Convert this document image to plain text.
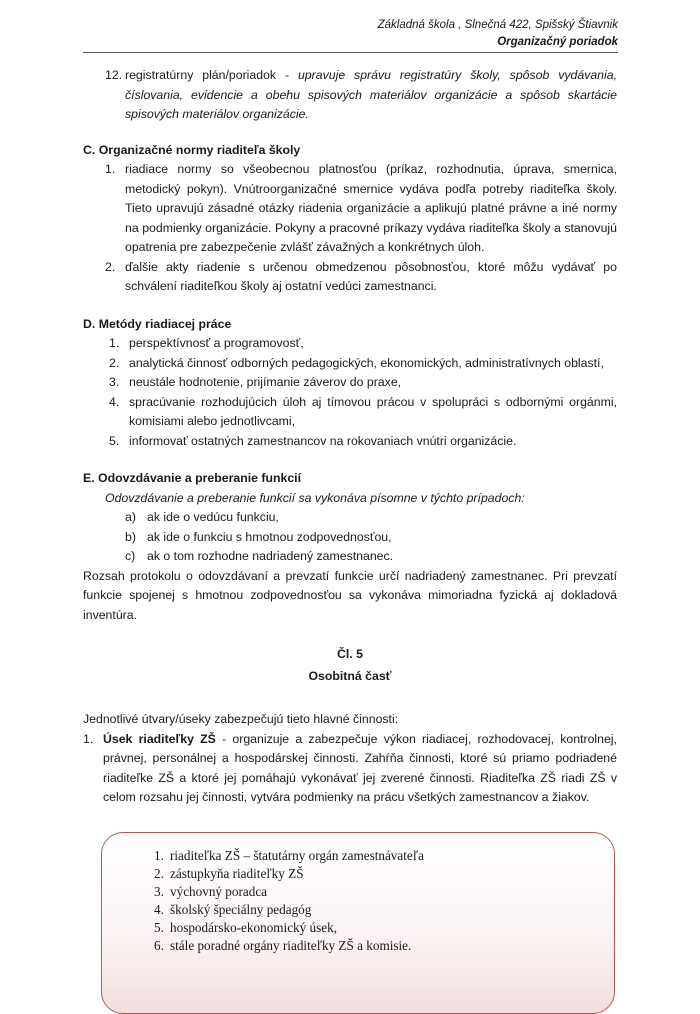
Základná škola , Slnečná 422, Spišský Štiavnik
Organizačný poriadok

12. registratúrny plán/poriadok - upravuje správu registratúry školy, spôsob vydávania, číslovania, evidencie a obehu spisových materiálov organizácie a spôsob skartácie spisových materiálov organizácie.

C. Organizačné normy riaditeľa školy

1. riadiace normy so všeobecnou platnosťou (príkaz, rozhodnutia, úprava, smernica, metodický pokyn). Vnútroorganizačné smernice vydáva podľa potreby riaditeľka školy. Tieto upravujú zásadné otázky riadenia organizácie a aplikujú platné právne a iné normy na podmienky organizácie. Pokyny a pracovné príkazy vydáva riaditeľka školy a stanovujú opatrenia pre zabezpečenie zvlášť závažných a konkrétnych úloh.

2. ďalšie akty riadenie s určenou obmedzenou pôsobnosťou, ktoré môžu vydávať po schválení riaditeľkou školy aj ostatní vedúci zamestnanci.

D. Metódy riadiacej práce

1. perspektívnosť a programovosť,

2. analytická činnosť odborných pedagogických, ekonomických, administratívnych oblastí,

3. neustále hodnotenie, prijímanie záverov do praxe,

4. spracúvanie rozhodujúcich úloh aj tímovou prácou v spolupráci s odbornými orgánmi, komisiami alebo jednotlivcami,

5. informovať ostatných zamestnancov na rokovaniach vnútri organizácie.

E. Odovzdávanie a preberanie funkcií

Odovzdávanie a preberanie funkcií sa vykonáva písomne v týchto prípadoch:

a) ak ide o vedúcu funkciu,

b) ak ide o funkciu s hmotnou zodpovednosťou,

c) ak o tom rozhodne nadriadený zamestnanec.

Rozsah protokolu o odovzdávaní a prevzatí funkcie určí nadriadený zamestnanec. Pri prevzatí funkcie spojenej s hmotnou zodpovednosťou sa vykonáva mimoriadna fyzická aj dokladová inventúra.

Čl. 5

Osobitná časť

Jednotlivé útvary/úseky zabezpečujú tieto hlavné činnosti:

1. Úsek riaditeľky ZŠ - organizuje a zabezpečuje výkon riadiacej, rozhodovacej, kontrolnej, právnej, personálnej a hospodárskej činnosti. Zahŕňa činnosti, ktoré sú priamo podriadené riaditeľke ZŠ a ktoré jej pomáhajú vykonávať jej zverené činnosti. Riaditeľka ZŠ riadi ZŠ v celom rozsahu jej činnosti, vytvára podmienky na prácu všetkých zamestnancov a žiakov.

1. riaditeľka ZŠ – štatutárny orgán zamestnávateľa
2. zástupkyňa riaditeľky ZŠ
3. výchovný poradca
4. školský špeciálny pedagóg
5. hospodársko-ekonomický úsek,
6. stále poradné orgány riaditeľky ZŠ a komisie.
